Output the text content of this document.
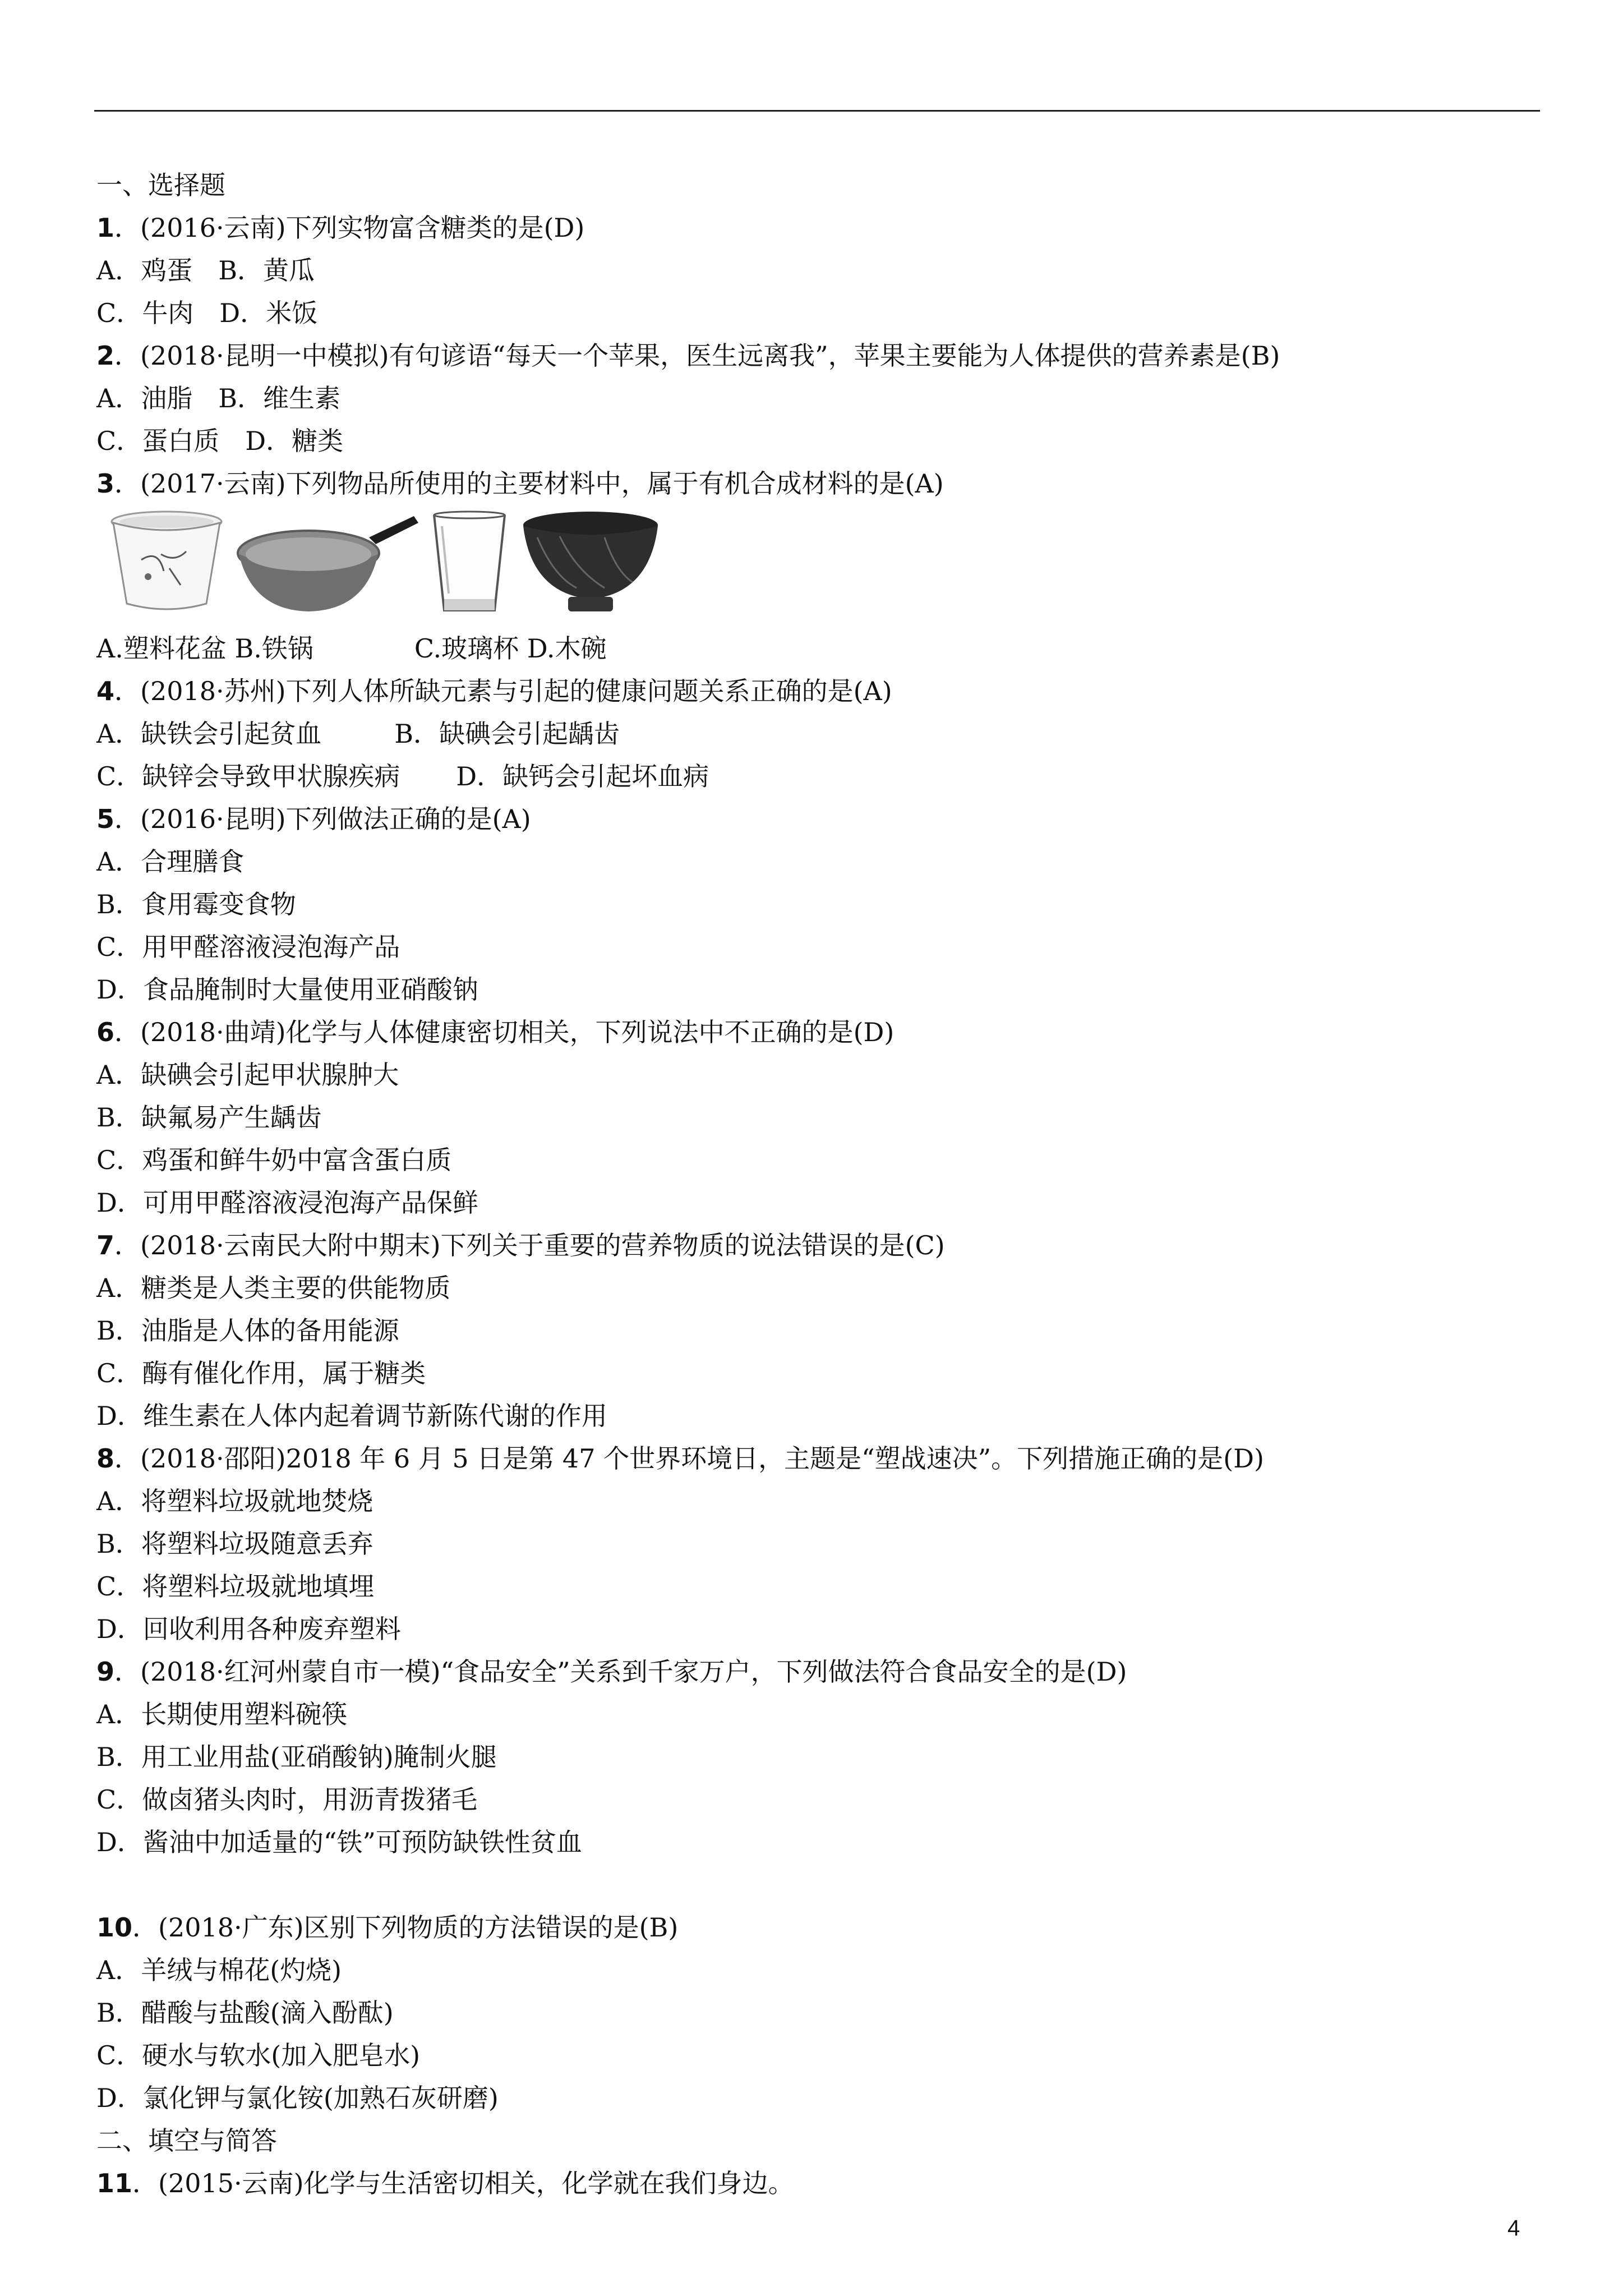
一、选择题
1．(2016·云南)下列实物富含糖类的是(D)
A．鸡蛋　B．黄瓜
C．牛肉　D．米饭
2．(2018·昆明一中模拟)有句谚语“每天一个苹果，医生远离我”，苹果主要能为人体提供的营养素是(B)
A．油脂　B．维生素
C．蛋白质　D．糖类
3．(2017·云南)下列物品所使用的主要材料中，属于有机合成材料的是(A)
A.塑料花盆 B.铁锅	C.玻璃杯 D.木碗
4．(2018·苏州)下列人体所缺元素与引起的健康问题关系正确的是(A)
A．缺铁会引起贫血	B．缺碘会引起龋齿
C．缺锌会导致甲状腺疾病 D．缺钙会引起坏血病
5．(2016·昆明)下列做法正确的是(A)
A．合理膳食
B．食用霉变食物
C．用甲醛溶液浸泡海产品
D．食品腌制时大量使用亚硝酸钠
6．(2018·曲靖)化学与人体健康密切相关，下列说法中不正确的是(D)
A．缺碘会引起甲状腺肿大
B．缺氟易产生龋齿
C．鸡蛋和鲜牛奶中富含蛋白质
D．可用甲醛溶液浸泡海产品保鲜
7．(2018·云南民大附中期末)下列关于重要的营养物质的说法错误的是(C)
A．糖类是人类主要的供能物质
B．油脂是人体的备用能源
C．酶有催化作用，属于糖类
D．维生素在人体内起着调节新陈代谢的作用
8．(2018·邵阳)2018 年 6 月 5 日是第 47 个世界环境日，主题是“塑战速决”。下列措施正确的是(D)
A．将塑料垃圾就地焚烧
B．将塑料垃圾随意丢弃
C．将塑料垃圾就地填埋
D．回收利用各种废弃塑料
9．(2018·红河州蒙自市一模)“食品安全”关系到千家万户，下列做法符合食品安全的是(D)
A．长期使用塑料碗筷
B．用工业用盐(亚硝酸钠)腌制火腿
C．做卤猪头肉时，用沥青拨猪毛
D．酱油中加适量的“铁”可预防缺铁性贫血
10．(2018·广东)区别下列物质的方法错误的是(B)
A．羊绒与棉花(灼烧)
B．醋酸与盐酸(滴入酚酞)
C．硬水与软水(加入肥皂水)
D．氯化钾与氯化铵(加熟石灰研磨)
二、填空与简答
11．(2015·云南)化学与生活密切相关，化学就在我们身边。
4
